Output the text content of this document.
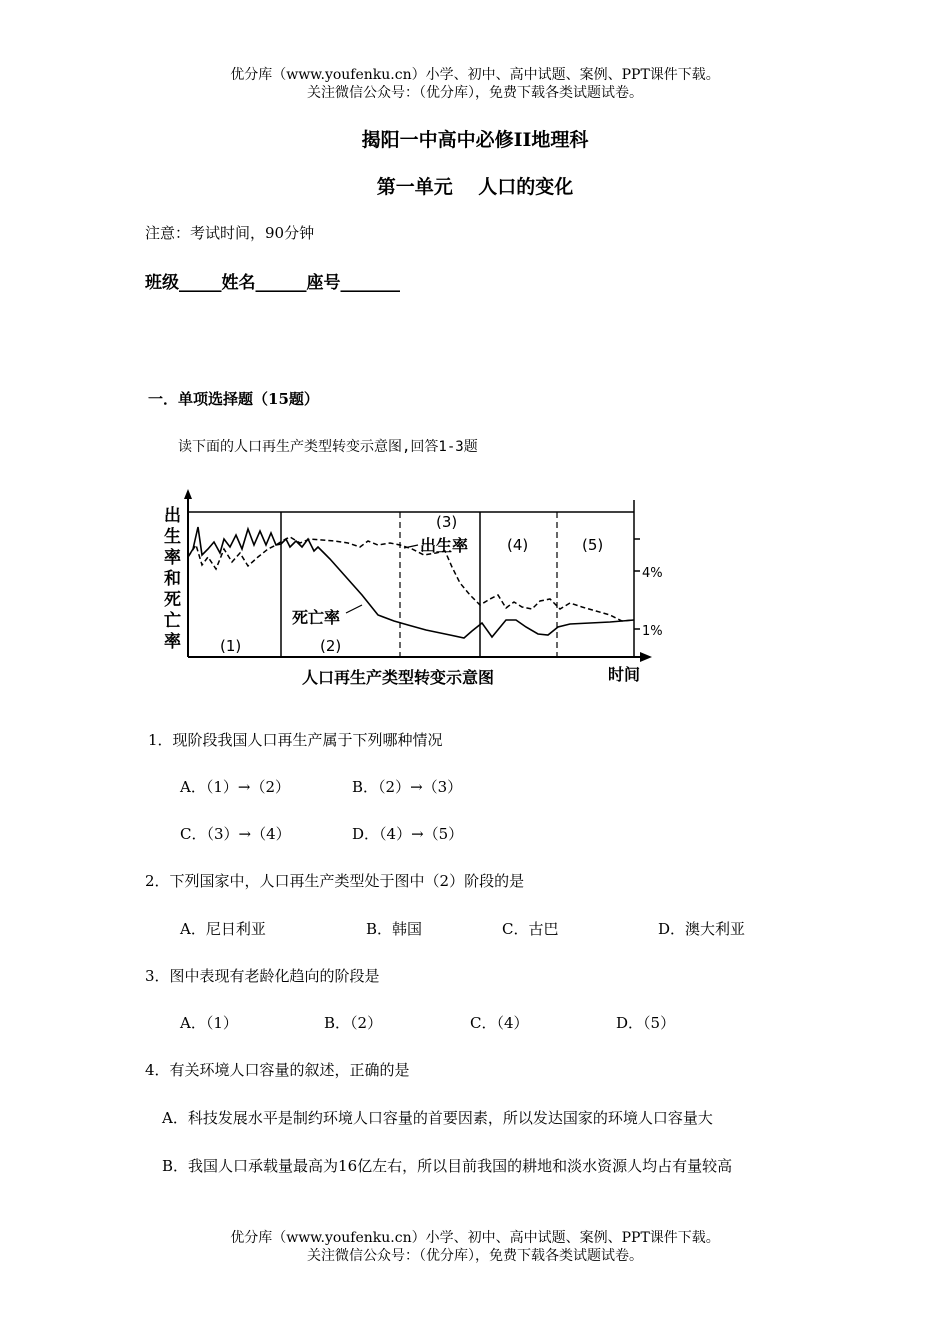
优分库（www.youfenku.cn）小学、初中、高中试题、案例、PPT课件下载。
关注微信公众号：（优分库），免费下载各类试题试卷。
揭阳一中高中必修II地理科
第一单元　 人口的变化
注意：考试时间，90分钟
班级_____姓名______座号_______
一．单项选择题（15题）
读下面的人口再生产类型转变示意图,回答1-3题
出
生
率
和
死
亡
率
4%
1%
出生率
死亡率
(1)	(2)
(3)
(4)	(5)
人口再生产类型转变示意图	时间
1．现阶段我国人口再生产属于下列哪种情况
A．（1）→（2）	B．（2）→（3）
C．（3）→（4）	D．（4）→（5）
2．下列国家中，人口再生产类型处于图中（2）阶段的是
A．尼日利亚	B．韩国	C．古巴	D．澳大利亚
3．图中表现有老龄化趋向的阶段是
A．（1）	B．（2）	C．（4）	D．（5）
4．有关环境人口容量的叙述，正确的是
A．科技发展水平是制约环境人口容量的首要因素，所以发达国家的环境人口容量大
B．我国人口承载量最高为16亿左右，所以目前我国的耕地和淡水资源人均占有量较高
优分库（www.youfenku.cn）小学、初中、高中试题、案例、PPT课件下载。
关注微信公众号：（优分库），免费下载各类试题试卷。
